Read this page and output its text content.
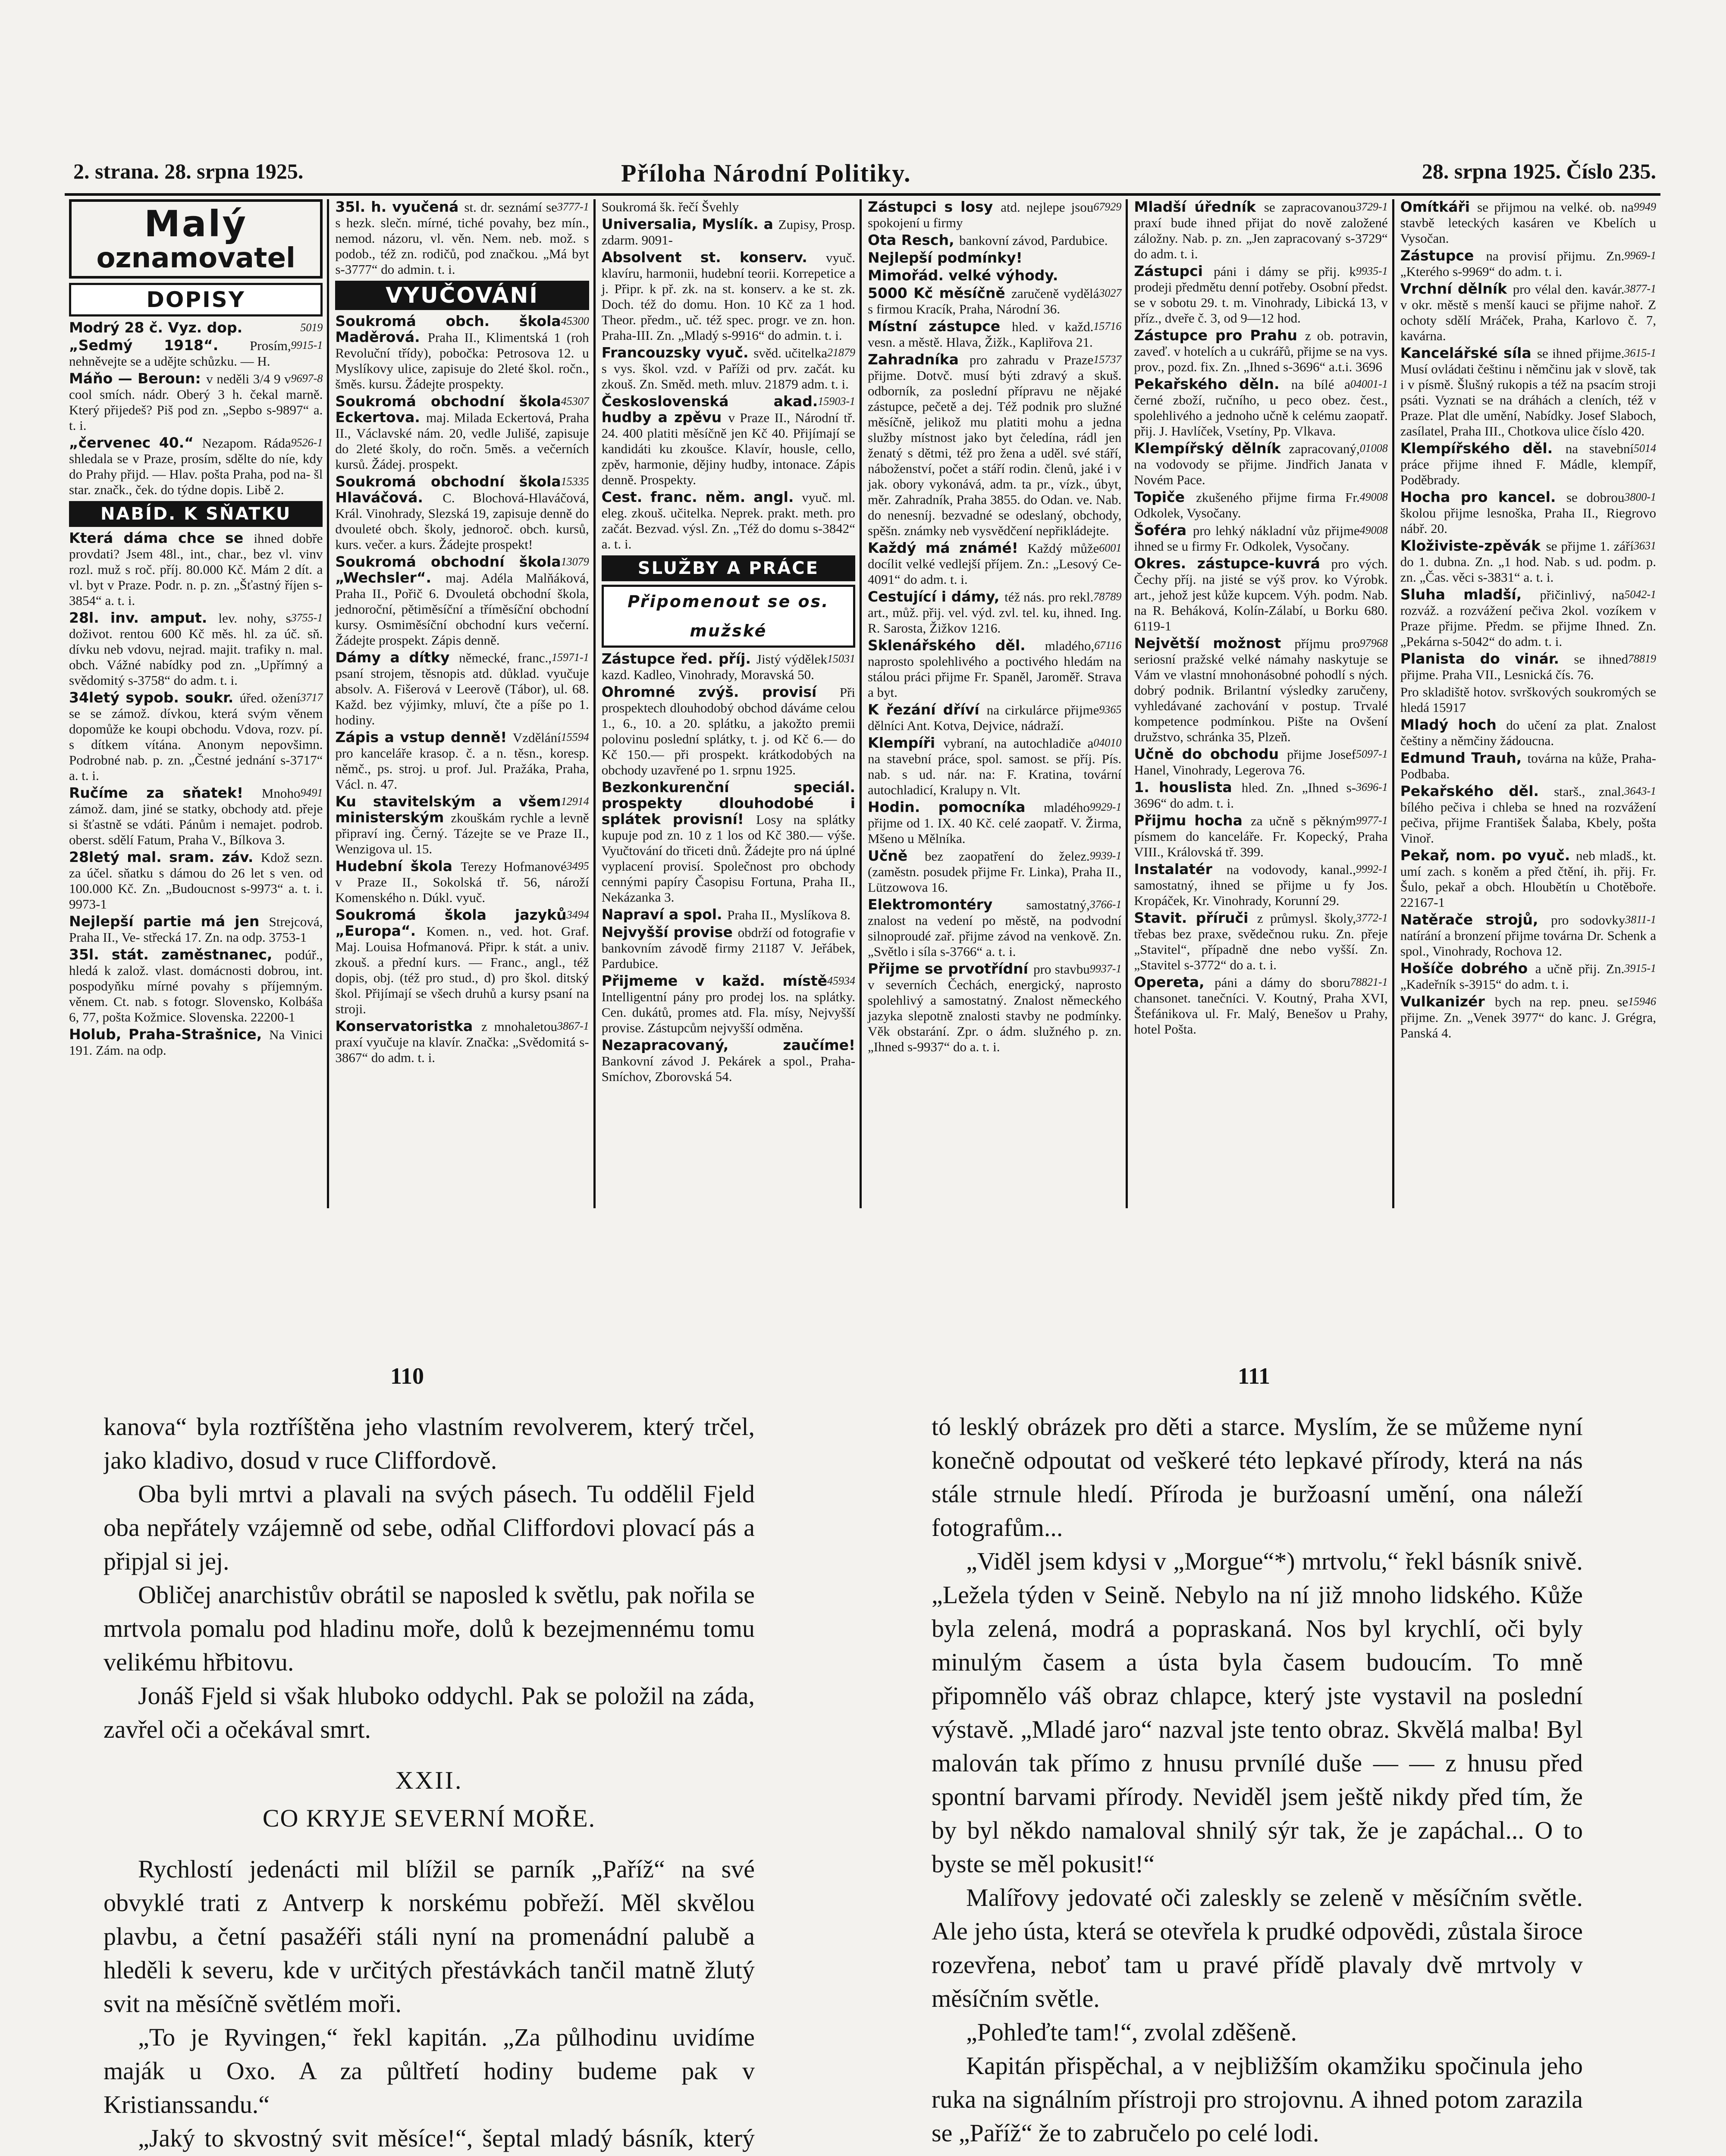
2. strana. 28. srpna 1925.	Příloha Národní Politiky.	28. srpna 1925. Číslo 235.
Malý
oznamovatel
DOPISY
5019
Modrý 28 č. Vyz. dop.
9915-1
„Sedmý 1918“. Prosím, nehněvejte se a udějte schůzku. — H.
9697-8
Máňo — Beroun: v neděli 3/4 9 v cool smích. nádr. Oberý 3 h. čekal marně. Který přijedeš? Piš pod zn. „Sepbo s-9897“ a. t. i.
9526-1
„červenec 40.“ Nezapom. Ráda shledala se v Praze, prosím, sdělte do níe, kdy do Prahy přijd. — Hlav. pošta Praha, pod na- šl star. značk., ček. do týdne dopis. Libě 2.
NABÍD. K SŇATKU
Která dáma chce se ihned dobře provdati? Jsem 48l., int., char., bez vl. vinv rozl. muž s roč. příj. 80.000 Kč. Mám 2 dít. a vl. byt v Praze. Podr. n. p. zn. „Šťastný říjen s-3854“ a. t. i.
3755-1
28l. inv. amput. lev. nohy, s doživot. rentou 600 Kč měs. hl. za úč. sň. dívku neb vdovu, nejrad. majit. trafiky n. mal. obch. Vážné nabídky pod zn. „Upřímný a svědomitý s-3758“ do adm. t. i.
3717
34letý sypob. soukr. úřed. ožení se se zámož. dívkou, která svým věnem dopomůže ke koupi obchodu. Vdova, rozv. pí. s dítkem vítána. Anonym nepovšimn. Podrobné nab. p. zn. „Čestné jednání s-3717“ a. t. i.
9491
Ručíme za sňatek! Mnoho zámož. dam, jiné se statky, obchody atd. přeje si šťastně se vdáti. Pánům i nemajet. podrob. oberst. sdělí Fatum, Praha V., Bílkova 3.
28letý mal. sram. záv. Kdož sezn. za účel. sňatku s dámou do 26 let s ven. od 100.000 Kč. Zn. „Budoucnost s-9973“ a. t. i. 9973-1
Nejlepší partie má jen Strejcová, Praha II., Ve- střecká 17. Zn. na odp. 3753-1
35l. stát. zaměstnanec, podúř., hledá k založ. vlast. domácnosti dobrou, int. pospodyňku mírné povahy s příjemným. věnem. Ct. nab. s fotogr. Slovensko, Kolbáša 6, 77, pošta Kožmice. Slovenska. 22200-1
Holub, Praha-Strašnice, Na Vinici 191. Zám. na odp.
3777-1
35l. h. vyučená st. dr. seznámí se s hezk. slečn. mírné, tiché povahy, bez mín., nemod. názoru, vl. věn. Nem. neb. mož. s podob., též zn. rodičů, pod značkou. „Má byt s-3777“ do admin. t. i.
VYUČOVÁNÍ
45300
Soukromá obch. škola Maděrová. Praha II., Klimentská 1 (roh Revoluční třídy), pobočka: Petrosova 12. u Myslíkovy ulice, zapisuje do 2leté škol. ročn., šměs. kursu. Žádejte prospekty.
45307
Soukromá obchodní škola Eckertova. maj. Milada Eckertová, Praha II., Václavské nám. 20, vedle Julišé, zapisuje do 2leté školy, do ročn. 5měs. a večerních kursů. Žádej. prospekt.
15335
Soukromá obchodní škola Hlaváčová. C. Blochová-Hlaváčová, Král. Vinohrady, Slezská 19, zapisuje denně do dvouleté obch. školy, jednoroč. obch. kursů, kurs. večer. a kurs. Žádejte prospekt!
13079
Soukromá obchodní škola „Wechsler“. maj. Adéla Malňáková, Praha II., Pořič 6. Dvouletá obchodní škola, jednoroční, pětiměsíční a tříměsíční obchodní kursy. Osmiměsíční obchodní kurs večerní. Žádejte prospekt. Zápis denně.
15971-1
Dámy a dítky německé, franc., psaní strojem, těsnopis atd. důklad. vyučuje absolv. A. Fišerová v Leerově (Tábor), ul. 68. Každ. bez výjimky, mluví, čte a píše po 1. hodiny.
15594
Zápis a vstup denně! Vzdělání pro kanceláře krasop. č. a n. těsn., koresp. němč., ps. stroj. u prof. Jul. Pražáka, Praha, Václ. n. 47.
12914
Ku stavitelským a všem ministerským zkouškám rychle a levně připraví ing. Černý. Tázejte se ve Praze II., Wenzigova ul. 15.
3495
Hudební škola Terezy Hofmanové v Praze II., Sokolská tř. 56, nároží Komenského n. Dúkl. vyuč.
3494
Soukromá škola jazyků „Europa“. Komen. n., ved. hot. Graf. Maj. Louisa Hofmanová. Připr. k stát. a univ. zkouš. a přední kurs. — Franc., angl., též dopis, obj. (též pro stud., d) pro škol. ditský škol. Přijímají se všech druhů a kursy psaní na stroji.
3867-1
Konservatoristka z mnohaletou praxí vyučuje na klavír. Značka: „Svědomitá s-3867“ do adm. t. i.
Soukromá šk. řečí Švehly
Universalia, Myslík. a Zupisy, Prosp. zdarm. 9091-
Absolvent st. konserv. vyuč. klavíru, harmonii, hudební teorii. Korrepetice a j. Připr. k př. zk. na st. konserv. a ke st. zk. Doch. též do domu. Hon. 10 Kč za 1 hod. Theor. předm., uč. též spec. progr. ve zn. hon. Praha-III. Zn. „Mladý s-9916“ do admin. t. i.
21879
Francouzsky vyuč. svěd. učitelka s vys. škol. vzd. v Paříži od prv. začát. ku zkouš. Zn. Směd. meth. mluv. 21879 adm. t. i.
15903-1
Československá akad. hudby a zpěvu v Praze II., Národní tř. 24. 400 platiti měsíčně jen Kč 40. Přijímají se kandidáti ku zkoušce. Klavír, housle, cello, zpěv, harmonie, dějiny hudby, intonace. Zápis denně. Prospekty.
Cest. franc. něm. angl. vyuč. ml. eleg. zkouš. učitelka. Neprek. prakt. meth. pro začát. Bezvad. výsl. Zn. „Též do domu s-3842“ a. t. i.
SLUŽBY A PRÁCE
Připomenout se os. mužské
15031
Zástupce řed. příj. Jistý výdělek kazd. Kadleo, Vinohrady, Moravská 50.
Ohromné zvýš. provisí Při prospektech dlouhodobý obchod dáváme celou 1., 6., 10. a 20. splátku, a jakožto premii polovinu poslední splátky, t. j. od Kč 6.— do Kč 150.— při prospekt. krátkodobých na obchody uzavřené po 1. srpnu 1925.
Bezkonkurenční speciál. prospekty dlouhodobé i splátek provisní! Losy na splátky kupuje pod zn. 10 z 1 los od Kč 380.— výše. Vyučtování do třiceti dnů. Žádejte pro ná úplné vyplacení provisí. Společnost pro obchody cennými papíry Časopisu Fortuna, Praha II., Nekázanka 3.
Napraví a spol. Praha II., Myslíkova 8.
Nejvyšší provise obdrží od fotografie v bankovním závodě firmy 21187 V. Jeřábek, Pardubice.
45934
Přijmeme v každ. místě Intelligentní pány pro prodej los. na splátky. Cen. dukátů, promes atd. Fla. mísy, Nejvyšší provise. Zástupcům nejvyšší odměna.
Nezapracovaný, zaučíme! Bankovní závod J. Pekárek a spol., Praha-Smíchov, Zborovská 54.
67929
Zástupci s losy atd. nejlepe jsou spokojení u firmy
Ota Resch, bankovní závod, Pardubice.
Nejlepší podmínky!
Mimořád. velké výhody.
3027
5000 Kč měsíčně zaručeně vydělá s firmou Kracík, Praha, Národní 36.
15716
Místní zástupce hled. v každ. vesn. a městě. Hlava, Žižk., Kapliřova 21.
15737
Zahradníka pro zahradu v Praze přijme. Dotvč. musí býti zdravý a skuš. odborník, za poslední přípravu ne nějaké zástupce, pečetě a dej. Též podnik pro služné měsíčně, jelikož mu platiti mohu a jedna služby místnost jako byt čeledína, rádl jen ženatý s dětmi, též pro žena a uděl. své stáří, náboženství, počet a stáří rodin. členů, jaké i v jak. obory vykonává, adm. ta pr., vízk., úbyt, měr. Zahradník, Praha 3855. do Odan. ve. Nab. do nenesníj. bezvadné se odeslaný, obchody, spěšn. známky neb vysvědčení nepřikládejte.
6001
Každý má známé! Každý může docílit velké vedlejší příjem. Zn.: „Lesový Ce-4091“ do adm. t. i.
78789
Cestující i dámy, též nás. pro rekl. art., můž. přij. vel. výd. zvl. tel. ku, ihned. Ing. R. Sarosta, Žižkov 1216.
67116
Sklenářského děl. mladého, naprosto spolehlivého a poctivého hledám na stálou práci přijme Fr. Spaněl, Jaroměř. Strava a byt.
9365
K řezání dříví na cirkulárce přijme dělníci Ant. Kotva, Dejvice, nádraží.
04010
Klempíři vybraní, na autochladiče a na stavební práce, spol. samost. se příj. Pís. nab. s ud. nár. na: F. Kratina, tovární autochladicí, Kralupy n. Vlt.
9929-1
Hodin. pomocníka mladého přijme od 1. IX. 40 Kč. celé zaopatř. V. Žirma, Mšeno u Mělníka.
9939-1
Učně bez zaopatření do želez. (zaměstn. posudek přijme Fr. Linka), Praha II., Lützowova 16.
3766-1
Elektromontéry samostatný, znalost na vedení po městě, na podvodní silnoproudé zař. přijme závod na venkově. Zn. „Světlo i síla s-3766“ a. t. i.
9937-1
Přijme se prvotřídní pro stavbu v severních Čechách, energický, naprosto spolehlivý a samostatný. Znalost německého jazyka slepotně znalosti stavby ne podmínky. Věk obstarání. Zpr. o ádm. služného p. zn. „Ihned s-9937“ do a. t. i.
3729-1
Mladší úředník se zapracovanou praxí bude ihned přijat do nově založené záložny. Nab. p. zn. „Jen zapracovaný s-3729“ do adm. t. i.
9935-1
Zástupci páni i dámy se přij. k prodeji předmětu denní potřeby. Osobní předst. se v sobotu 29. t. m. Vinohrady, Libická 13, v příz., dveře č. 3, od 9—12 hod.
Zástupce pro Prahu z ob. potravin, zaveď. v hotelích a u cukrářů, přijme se na vys. prov., pozd. fix. Zn. „Ihned s-3696“ a.t.i. 3696
04001-1
Pekařského děln. na bílé a černé zboží, ručního, u peco obez. čest., spolehlivého a jednoho učně k celému zaopatř. přij. J. Havlíček, Vsetíny, Pp. Vlkava.
01008
Klempířský dělník zapracovaný, na vodovody se přijme. Jindřich Janata v Novém Pace.
49008
Topiče zkušeného přijme firma Fr. Odkolek, Vysočany.
49008
Šoféra pro lehký nákladní vůz přijme ihned se u firmy Fr. Odkolek, Vysočany.
Okres. zástupce-kuvrá pro vých. Čechy příj. na jisté se výš prov. ko Výrobk. art., jehož jest kůže kupcem. Výh. podm. Nab. na R. Beháková, Kolín-Zálabí, u Borku 680. 6119-1
97968
Největší možnost příjmu pro seriosní pražské velké námahy naskytuje se Vám ve vlastní mnohonásobné pohodlí s ných. dobrý podnik. Brilantní výsledky zaručeny, vyhledávané zachování v postup. Trvalé kompetence podmínkou. Pište na Ovšení družstvo, schránka 35, Plzeň.
5097-1
Učně do obchodu přijme Josef Hanel, Vinohrady, Legerova 76.
3696-1
1. houslista hled. Zn. „Ihned s-3696“ do adm. t. i.
9977-1
Přijmu hocha za učně s pěkným písmem do kanceláře. Fr. Kopecký, Praha VIII., Královská tř. 399.
9992-1
Instalatér na vodovody, kanal., samostatný, ihned se přijme u fy Jos. Kropáček, Kr. Vinohrady, Korunní 29.
3772-1
Stavit. příruči z průmysl. školy, třebas bez praxe, svědečnou ruku. Zn. přeje „Stavitel“, případně dne nebo vyšší. Zn. „Stavitel s-3772“ do a. t. i.
78821-1
Opereta, páni a dámy do sboru chansonet. tanečníci. V. Koutný, Praha XVI, Štefánikova ul. Fr. Malý, Benešov u Prahy, hotel Pošta.
9949
Omítkáři se přijmou na velké. ob. na stavbě leteckých kasáren ve Kbelích u Vysočan.
9969-1
Zástupce na provisí přijmu. Zn. „Kterého s-9969“ do adm. t. i.
3877-1
Vrchní dělník pro vélal den. kavár. v okr. městě s menší kauci se přijme nahoř. Z ochoty sdělí Mráček, Praha, Karlovo č. 7, kavárna.
3615-1
Kancelářské síla se ihned přijme. Musí ovládati češtinu i němčinu jak v slově, tak i v písmě. Šlušný rukopis a též na psacím stroji psáti. Vyznati se na dráhách a cleních, též v Praze. Plat dle umění, Nabídky. Josef Slaboch, zasílatel, Praha III., Chotkova ulice číslo 420.
5014
Klempířského děl. na stavební práce přijme ihned F. Mádle, klempíř, Poděbrady.
3800-1
Hocha pro kancel. se dobrou školou přijme lesnoška, Praha II., Riegrovo nábř. 20.
3631
Kloživiste-zpěvák se přijme 1. září do 1. dubna. Zn. „1 hod. Nab. s ud. podm. p. zn. „Čas. věci s-3831“ a. t. i.
5042-1
Sluha mladší, přičinlivý, na rozváž. a rozvážení pečiva 2kol. vozíkem v Praze přijme. Předm. se přijme Ihned. Zn. „Pekárna s-5042“ do adm. t. i.
78819
Planista do vinár. se ihned přijme. Praha VII., Lesnická čís. 76.
Pro skladiště hotov. svrškových soukromých se hledá 15917
Mladý hoch do učení za plat. Znalost češtiny a němčiny žádoucna.
Edmund Trauh, továrna na kůže, Praha-Podbaba.
3643-1
Pekařského děl. starš., znal. bílého pečiva i chleba se hned na rozvážení pečiva, přijme František Šalaba, Kbely, pošta Vinoř.
Pekař, nom. po vyuč. neb mladš., kt. umí zach. s koněm a před čtění, ih. přij. Fr. Šulo, pekař a obch. Hloubětín u Chotěboře. 22167-1
3811-1
Natěrače strojů, pro sodovky natírání a bronzení přijme továrna Dr. Schenk a spol., Vinohrady, Rochova 12.
3915-1
Hošíče dobrého a učně přij. Zn. „Kadeřník s-3915“ do adm. t. i.
15946
Vulkanizér bych na rep. pneu. se přijme. Zn. „Venek 3977“ do kanc. J. Grégra, Panská 4.
110	111

kanova“ byla roztříštěna jeho vlastním revolverem, který trčel, jako kladivo, dosud v ruce Cliffordově.

Oba byli mrtvi a plavali na svých pásech. Tu oddělil Fjeld oba nepřátely vzájemně od sebe, odňal Cliffordovi plovací pás a připjal si jej.

Obličej anarchistův obrátil se naposled k světlu, pak nořila se mrtvola pomalu pod hladinu moře, dolů k bezejmennému tomu velikému hřbitovu.

Jonáš Fjeld si však hluboko oddychl. Pak se položil na záda, zavřel oči a očekával smrt.

XXII.
CO KRYJE SEVERNÍ MOŘE.

Rychlostí jedenácti mil blížil se parník „Paříž“ na své obvyklé trati z Antverp k norskému pobřeží. Měl skvělou plavbu, a četní pasažéři stáli nyní na promenádní palubě a hleděli k severu, kde v určitých přestávkách tančil matně žlutý svit na měsíčně světlém moři.

„To je Ryvingen,“ řekl kapitán. „Za půlhodinu uvidíme maják u Oxo. A za půltřetí hodiny budeme pak v Kristianssandu.“

„Jaký to skvostný svit měsíce!“, šeptal mladý básník, který

tó lesklý obrázek pro děti a starce. Myslím, že se můžeme nyní konečně odpoutat od veškeré této lepkavé přírody, která na nás stále strnule hledí. Příroda je buržoasní umění, ona náleží fotografům...

„Viděl jsem kdysi v „Morgue“*) mrtvolu,“ řekl básník snivě. „Ležela týden v Seině. Nebylo na ní již mnoho lidského. Kůže byla zelená, modrá a popraskaná. Nos byl krychlí, oči byly minulým časem a ústa byla časem budoucím. To mně připomnělo váš obraz chlapce, který jste vystavil na poslední výstavě. „Mladé jaro“ nazval jste tento obraz. Skvělá malba! Byl malován tak přímo z hnusu prvnílé duše — — z hnusu před spontní barvami přírody. Neviděl jsem ještě nikdy před tím, že by byl někdo namaloval shnilý sýr tak, že je zapáchal... O to byste se měl pokusit!“

Malířovy jedovaté oči zaleskly se zeleně v měsíčním světle. Ale jeho ústa, která se otevřela k prudké odpovědi, zůstala široce rozevřena, neboť tam u pravé přídě plavaly dvě mrtvoly v měsíčním světle.

„Pohleďte tam!“, zvolal zděšeně.

Kapitán přispěchal, a v nejbližším okamžiku spočinula jeho ruka na signálním přístroji pro strojovnu. A ihned potom zarazila se „Paříž“ že to zabručelo po celé lodi.
